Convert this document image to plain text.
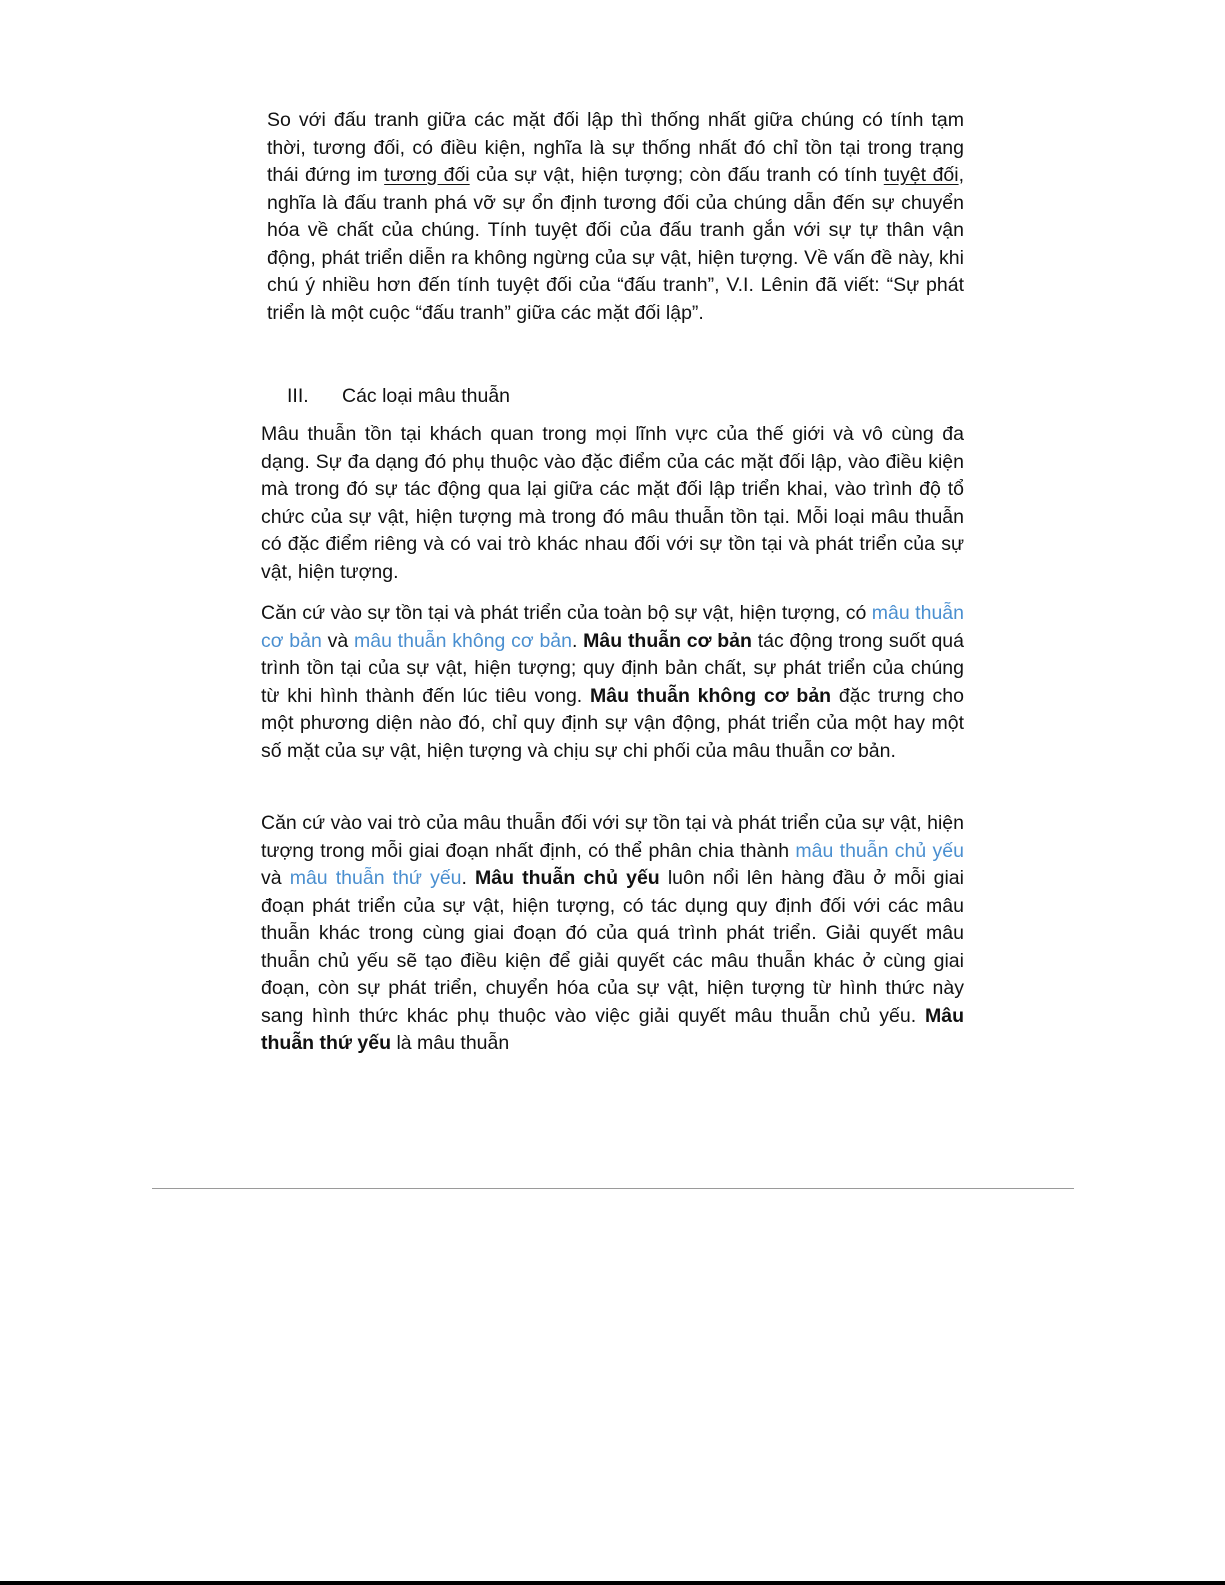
So với đấu tranh giữa các mặt đối lập thì thống nhất giữa chúng có tính tạm thời, tương đối, có điều kiện, nghĩa là sự thống nhất đó chỉ tồn tại trong trạng thái đứng im tương đối của sự vật, hiện tượng; còn đấu tranh có tính tuyệt đối, nghĩa là đấu tranh phá vỡ sự ổn định tương đối của chúng dẫn đến sự chuyển hóa về chất của chúng. Tính tuyệt đối của đấu tranh gắn với sự tự thân vận động, phát triển diễn ra không ngừng của sự vật, hiện tượng. Về vấn đề này, khi chú ý nhiều hơn đến tính tuyệt đối của “đấu tranh”, V.I. Lênin đã viết: “Sự phát triển là một cuộc “đấu tranh” giữa các mặt đối lập”.

III. Các loại mâu thuẫn

Mâu thuẫn tồn tại khách quan trong mọi lĩnh vực của thế giới và vô cùng đa dạng. Sự đa dạng đó phụ thuộc vào đặc điểm của các mặt đối lập, vào điều kiện mà trong đó sự tác động qua lại giữa các mặt đối lập triển khai, vào trình độ tổ chức của sự vật, hiện tượng mà trong đó mâu thuẫn tồn tại. Mỗi loại mâu thuẫn có đặc điểm riêng và có vai trò khác nhau đối với sự tồn tại và phát triển của sự vật, hiện tượng.

Căn cứ vào sự tồn tại và phát triển của toàn bộ sự vật, hiện tượng, có mâu thuẫn cơ bản và mâu thuẫn không cơ bản. Mâu thuẫn cơ bản tác động trong suốt quá trình tồn tại của sự vật, hiện tượng; quy định bản chất, sự phát triển của chúng từ khi hình thành đến lúc tiêu vong. Mâu thuẫn không cơ bản đặc trưng cho một phương diện nào đó, chỉ quy định sự vận động, phát triển của một hay một số mặt của sự vật, hiện tượng và chịu sự chi phối của mâu thuẫn cơ bản.

Căn cứ vào vai trò của mâu thuẫn đối với sự tồn tại và phát triển của sự vật, hiện tượng trong mỗi giai đoạn nhất định, có thể phân chia thành mâu thuẫn chủ yếu và mâu thuẫn thứ yếu. Mâu thuẫn chủ yếu luôn nổi lên hàng đầu ở mỗi giai đoạn phát triển của sự vật, hiện tượng, có tác dụng quy định đối với các mâu thuẫn khác trong cùng giai đoạn đó của quá trình phát triển. Giải quyết mâu thuẫn chủ yếu sẽ tạo điều kiện để giải quyết các mâu thuẫn khác ở cùng giai đoạn, còn sự phát triển, chuyển hóa của sự vật, hiện tượng từ hình thức này sang hình thức khác phụ thuộc vào việc giải quyết mâu thuẫn chủ yếu. Mâu thuẫn thứ yếu là mâu thuẫn
